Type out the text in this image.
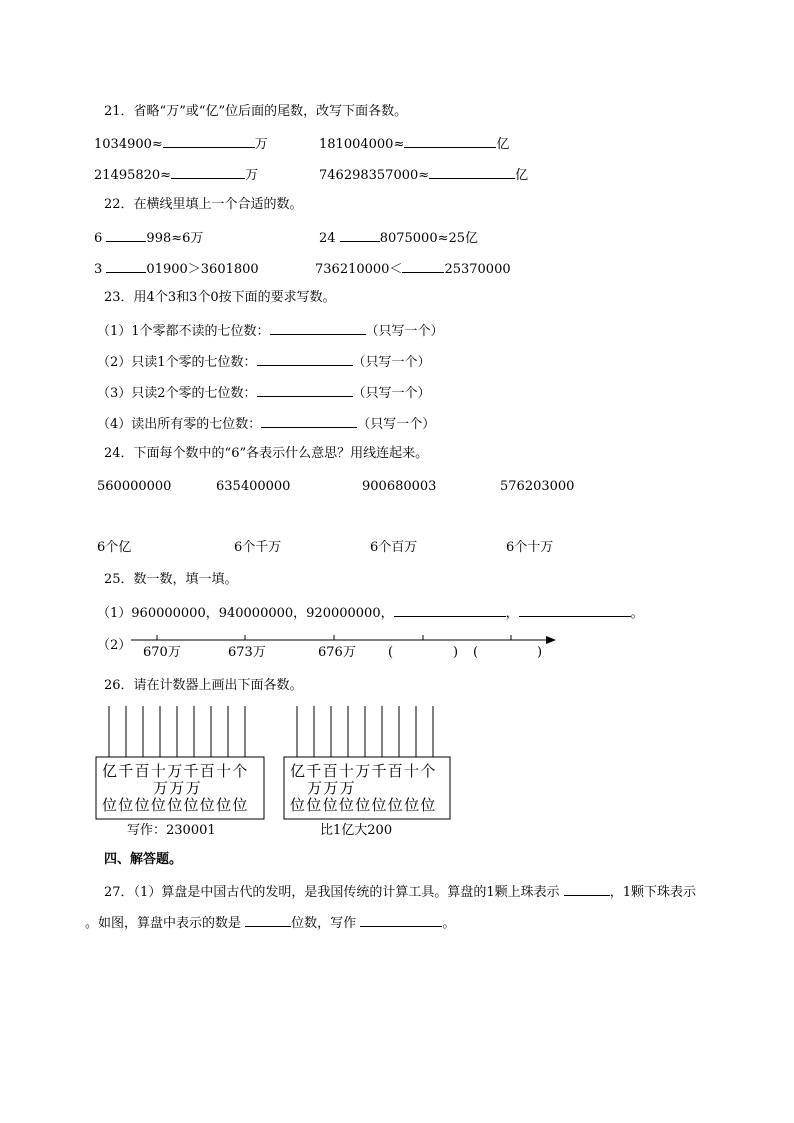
21．省略“万”或“亿”位后面的尾数，改写下面各数。
1034900≈	万	181004000≈	亿
21495820≈	万	746298357000≈	亿
22．在横线里填上一个合适的数。
6	998≈6万	24	8075000≈25亿
3	01900＞3601800	736210000＜	25370000
23．用4个3和3个0按下面的要求写数。
（1）1个零都不读的七位数：	（只写一个）
（2）只读1个零的七位数：	（只写一个）
（3）只读2个零的七位数：	（只写一个）
（4）读出所有零的七位数：	（只写一个）
24．下面每个数中的“6”各表示什么意思？用线连起来。
560000000	635400000	900680003	576203000
6个亿	6个千万	6个百万	6个十万
25．数一数，填一填。
（1）960000000，940000000，920000000，	，	。
（2） 670万	673万	676万 (	) (	)
26．请在计数器上画出下面各数。
亿千百十万千百十个
万万万
位位位位位位位位位
写作：230001
亿千百十万千百十个
万万万
位位位位位位位位位
比1亿大200
四、解答题。
27．（1）算盘是中国古代的发明，是我国传统的计算工具。算盘的1颗上珠表示	，1颗下珠表示
。如图，算盘中表示的数是	位数，写作	。
